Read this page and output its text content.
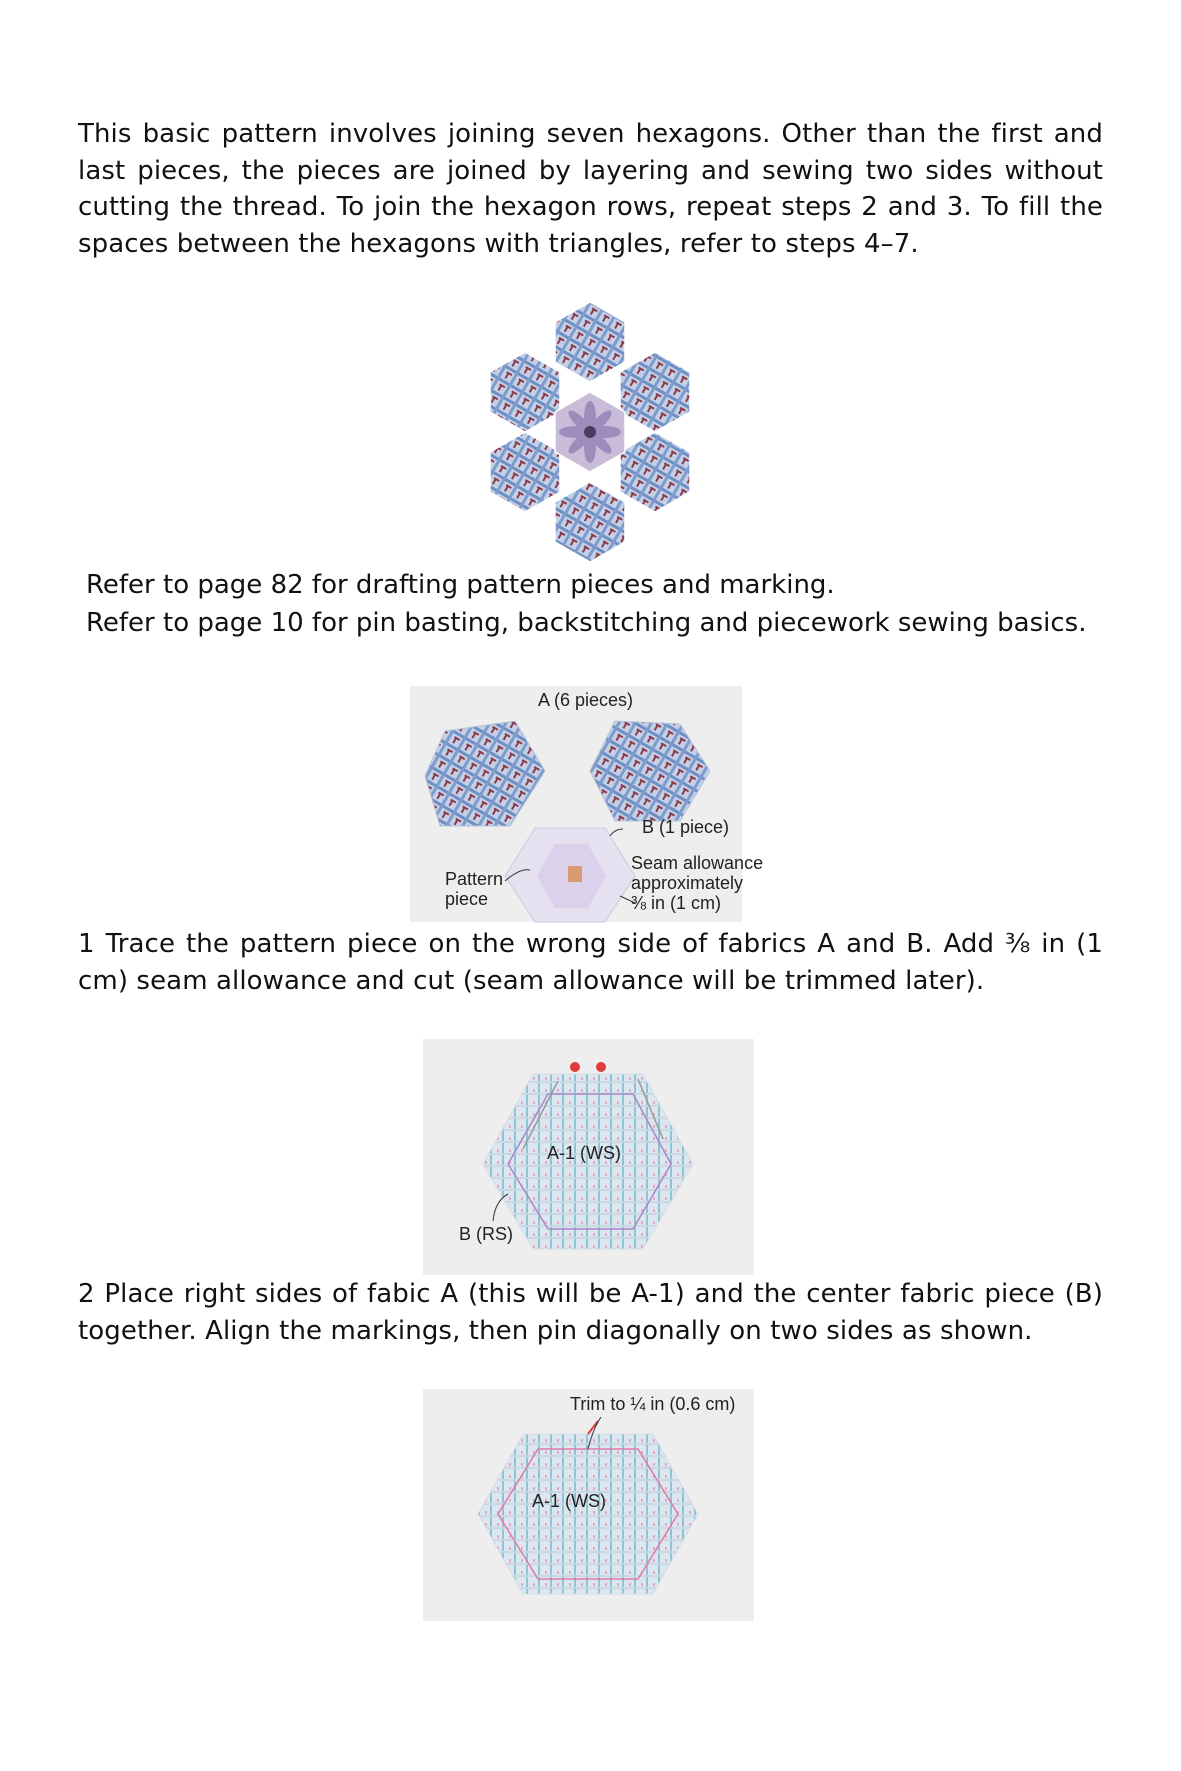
This basic pattern involves joining seven hexagons. Other than the first and last pieces, the pieces are joined by layering and sewing two sides without cutting the thread. To join the hexagon rows, repeat steps 2 and 3. To fill the spaces between the hexagons with triangles, refer to steps 4–7.

Refer to page 82 for drafting pattern pieces and marking.
Refer to page 10 for pin basting, backstitching and piecework sewing basics.
A (6 pieces)
B (1 piece)
Pattern
piece
Seam allowance
approximately
⅜ in (1 cm)

1 Trace the pattern piece on the wrong side of fabrics A and B. Add ⅜ in (1 cm) seam allowance and cut (seam allowance will be trimmed later).

A-1 (WS)
B (RS)

2 Place right sides of fabic A (this will be A-1) and the center fabric piece (B) together. Align the markings, then pin diagonally on two sides as shown.

Trim to ¼ in (0.6 cm)
A-1 (WS)
